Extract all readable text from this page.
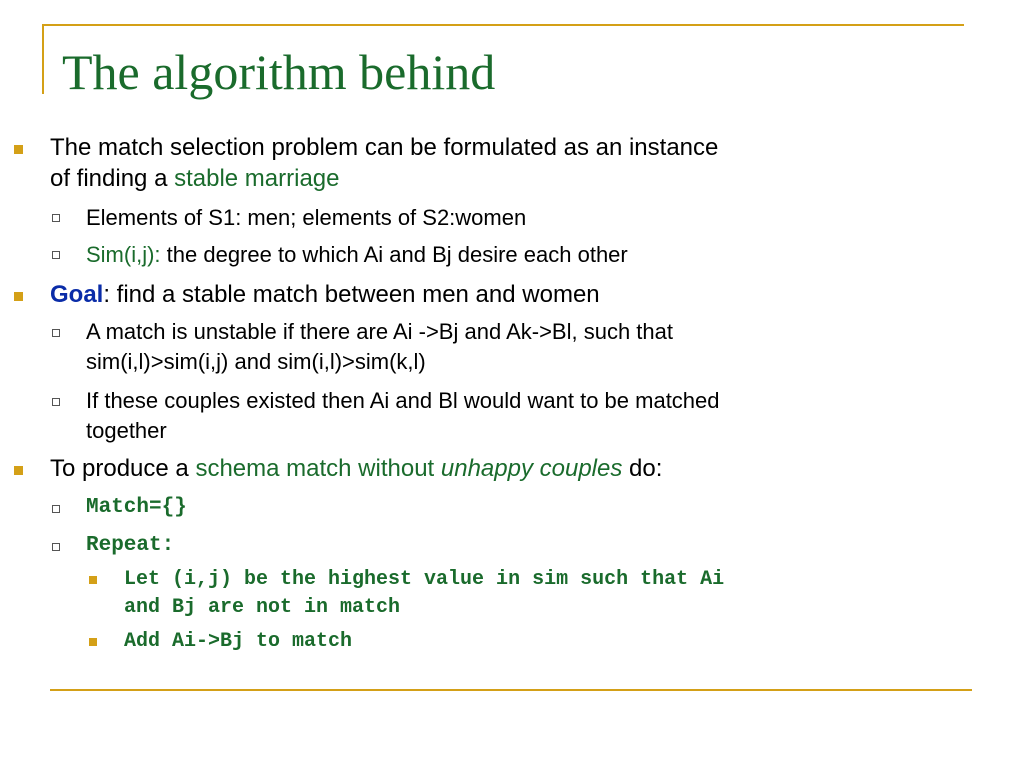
The algorithm behind
The match selection problem can be formulated as an instance
of finding a stable marriage
Elements of S1: men; elements of S2:women
Sim(i,j): the degree to which Ai and Bj desire each other
Goal: find a stable match between men and women
A match is unstable if there are Ai ->Bj and Ak->Bl, such that
sim(i,l)>sim(i,j) and sim(i,l)>sim(k,l)
If these couples existed then Ai and Bl would want to be matched
together
To produce a schema match without unhappy couples do:
Match={}
Repeat:
Let (i,j) be the highest value in sim such that Ai
and Bj are not in match
Add Ai->Bj to match
